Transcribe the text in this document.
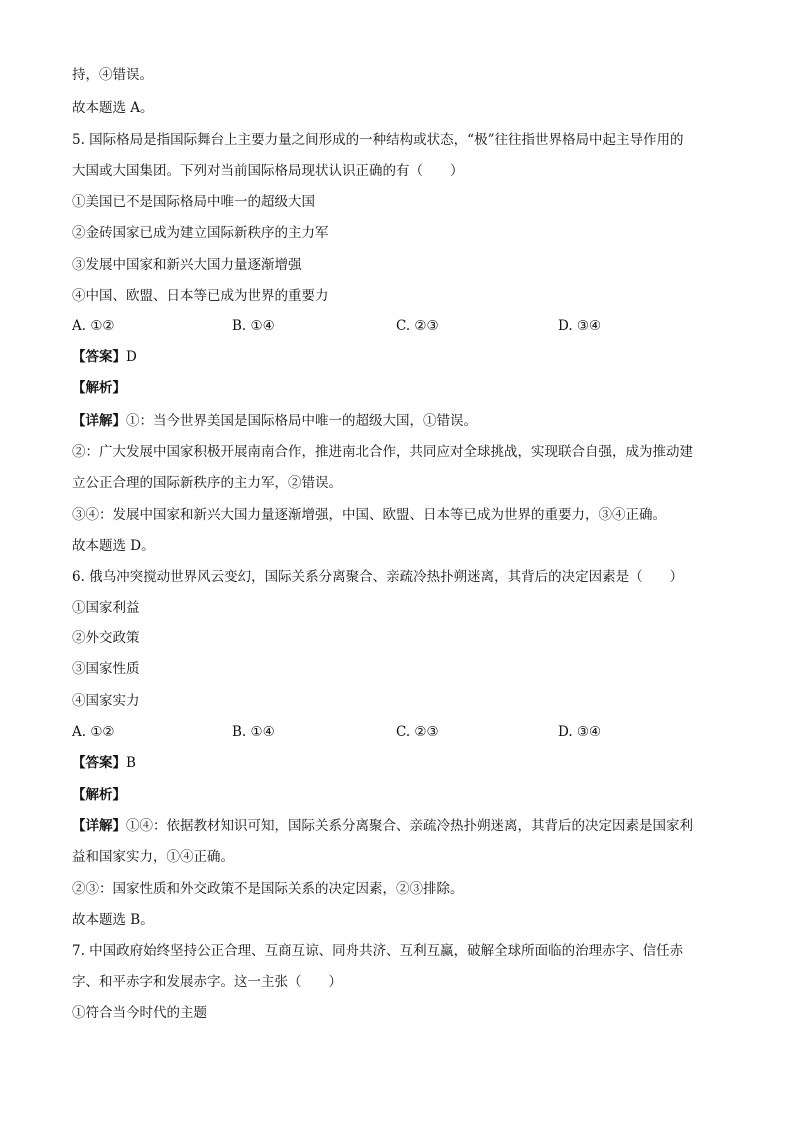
持，④错误。
故本题选 A。
5. 国际格局是指国际舞台上主要力量之间形成的一种结构或状态，“极”往往指世界格局中起主导作用的
大国或大国集团。下列对当前国际格局现状认识正确的有（　　）
①美国已不是国际格局中唯一的超级大国
②金砖国家已成为建立国际新秩序的主力军
③发展中国家和新兴大国力量逐渐增强
④中国、欧盟、日本等已成为世界的重要力
A. ①②	B. ①④	C. ②③	D. ③④
【答案】D
【解析】
【详解】①：当今世界美国是国际格局中唯一的超级大国，①错误。
②：广大发展中国家积极开展南南合作，推进南北合作，共同应对全球挑战，实现联合自强，成为推动建
立公正合理的国际新秩序的主力军，②错误。
③④：发展中国家和新兴大国力量逐渐增强，中国、欧盟、日本等已成为世界的重要力，③④正确。
故本题选 D。
6. 俄乌冲突搅动世界风云变幻，国际关系分离聚合、亲疏冷热扑朔迷离，其背后的决定因素是（　　）
①国家利益
②外交政策
③国家性质
④国家实力
A. ①②	B. ①④	C. ②③	D. ③④
【答案】B
【解析】
【详解】①④：依据教材知识可知，国际关系分离聚合、亲疏冷热扑朔迷离，其背后的决定因素是国家利
益和国家实力，①④正确。
②③：国家性质和外交政策不是国际关系的决定因素，②③排除。
故本题选 B。
7. 中国政府始终坚持公正合理、互商互谅、同舟共济、互利互赢，破解全球所面临的治理赤字、信任赤
字、和平赤字和发展赤字。这一主张（　　）
①符合当今时代的主题
